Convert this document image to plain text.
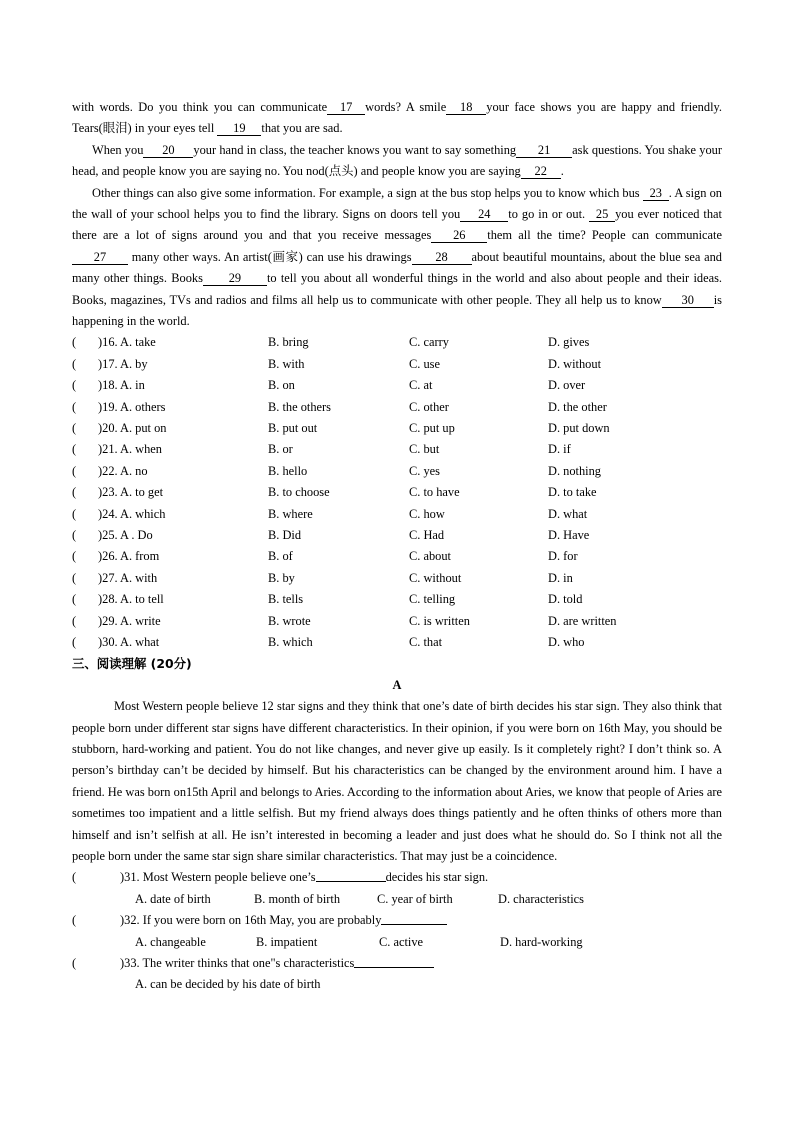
with words. Do you think you can communicate 17 words? A smile 18 your face shows you are happy and friendly. Tears(眼泪) in your eyes tell 19 that you are sad.

When you 20 your hand in class, the teacher knows you want to say something 21 ask questions. You shake your head, and people know you are saying no. You nod(点头) and people know you are saying 22 .

Other things can also give some information. For example, a sign at the bus stop helps you to know which bus 23 . A sign on the wall of your school helps you to find the library. Signs on doors tell you 24 to go in or out. 25 you ever noticed that there are a lot of signs around you and that you receive messages 26 them all the time? People can communicate27 many other ways. An artist(画家) can use his drawings 28 about beautiful mountains, about the blue sea and many other things. Books 29 to tell you about all wonderful things in the world and also about people and their ideas. Books, magazines, TVs and radios and films all help us to communicate with other people. They all help us to know 30 is happening in the world.

(	)16. A. take	B. bring	C. carry	D. gives
(	)17. A. by	B. with	C. use	D. without
(	)18. A. in	B. on	C. at	D. over
(	)19. A. others	B. the others	C. other	D. the other
(	)20. A. put on	B. put out	C. put up	D. put down
(	)21. A. when	B. or	C. but	D. if
(	)22. A. no	B. hello	C. yes	D. nothing
(	)23. A. to get	B. to choose	C. to have	D. to take
(	)24. A. which	B. where	C. how	D. what
(	)25. A . Do	B. Did	C. Had	D. Have
(	)26. A. from	B. of	C. about	D. for
(	)27. A. with	B. by	C. without	D. in
(	)28. A. to tell	B. tells	C. telling	D. told
(	)29. A. write	B. wrote	C. is written	D. are written
(	)30. A. what	B. which	C. that	D. who

三、阅读理解 (20分)

A

Most Western people believe 12 star signs and they think that one’s date of birth decides his star sign. They also think that people born under different star signs have different characteristics. In their opinion, if you were born on 16th May, you should be stubborn, hard-working and patient. You do not like changes, and never give up easily. Is it completely right? I don’t think so. A person’s birthday can’t be decided by himself. But his characteristics can be changed by the environment around him. I have a friend. He was born on15th April and belongs to Aries. According to the information about Aries, we know that people of Aries are sometimes too impatient and a little selfish. But my friend always does things patiently and he often thinks of others more than himself and isn’t selfish at all. He isn’t interested in becoming a leader and just does what he should do. So I think not all the people born under the same star sign share similar characteristics. That may just be a coincidence.

(	)31. Most Western people believe one’s	decides his star sign.
A. date of birth	B. month of birth	C. year of birth	D. characteristics
(	)32. If you were born on 16th May, you are probably
A. changeable	B. impatient	C. active	D. hard-working
(	)33. The writer thinks that one"s characteristics
A. can be decided by his date of birth
